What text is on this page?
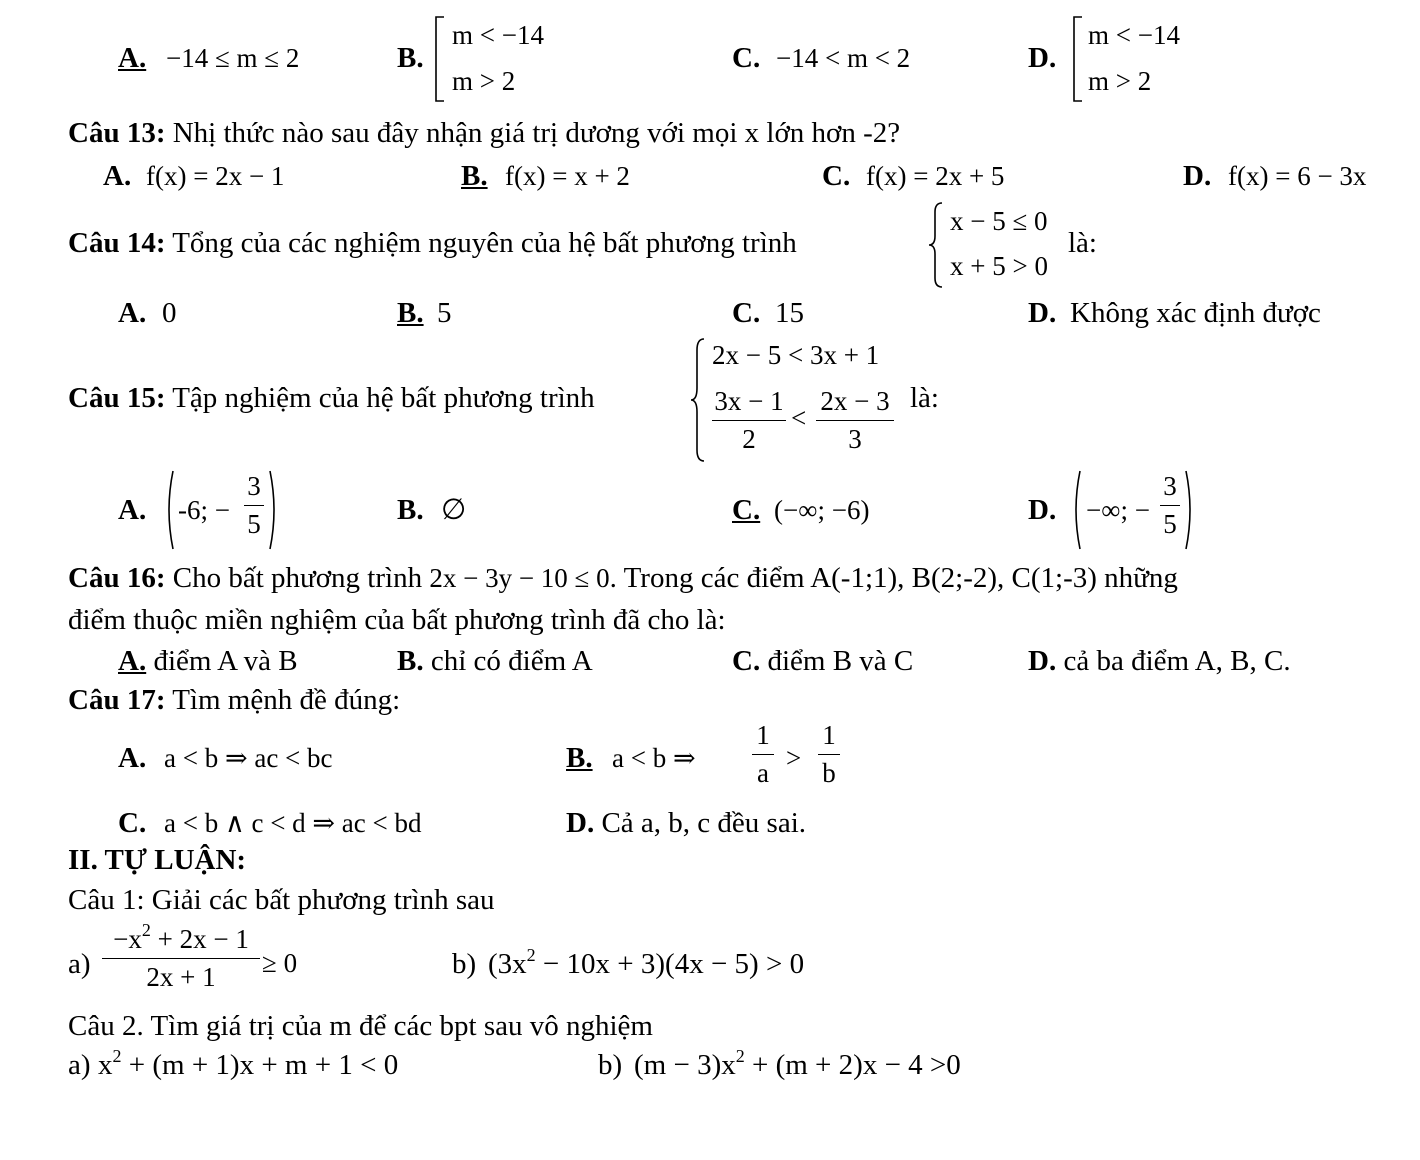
A. −14 ≤ m ≤ 2	B.
m < −14
m > 2
C. −14 < m < 2	D.
m < −14
m > 2
Câu 13: Nhị thức nào sau đây nhận giá trị dương với mọi x lớn hơn -2?
A. f(x) = 2x − 1	B. f(x) = x + 2	C. f(x) = 2x + 5	D. f(x) = 6 − 3x
Câu 14: Tổng của các nghiệm nguyên của hệ bất phương trình
x − 5 ≤ 0
x + 5 > 0
là:
A. 0	B. 5	C. 15	D. Không xác định được
Câu 15: Tập nghiệm của hệ bất phương trình
2x − 5 < 3x + 1
3x − 1
2
<
2x − 3
3
là:
A. -6; −
3
5	B. ∅	C. (−∞; −6)	D. −∞; −
3
5
Câu 16: Cho bất phương trình 2x − 3y − 10 ≤ 0. Trong các điểm A(-1;1), B(2;-2), C(1;-3) những
điểm thuộc miền nghiệm của bất phương trình đã cho là:
A. điểm A và B	B. chỉ có điểm A	C. điểm B và C	D. cả ba điểm A, B, C.
Câu 17: Tìm mệnh đề đúng:
A. a < b ⇒ ac < bc	B. a < b ⇒
1
a >
1
b
C. a < b ∧ c < d ⇒ ac < bd	D. Cả a, b, c đều sai.
II. TỰ LUẬN:
Câu 1: Giải các bất phương trình sau
a)
$-x^2 + 2x - 1$
2x + 1	≥ 0	b) $(3x^2 - 10x + 3)(4x - 5) > 0$
Câu 2. Tìm giá trị của m để các bpt sau vô nghiệm
a) $x^2 + (m + 1)x + m + 1 < 0$	b) $(m - 3)x^2 + (m + 2)x - 4 >0$
